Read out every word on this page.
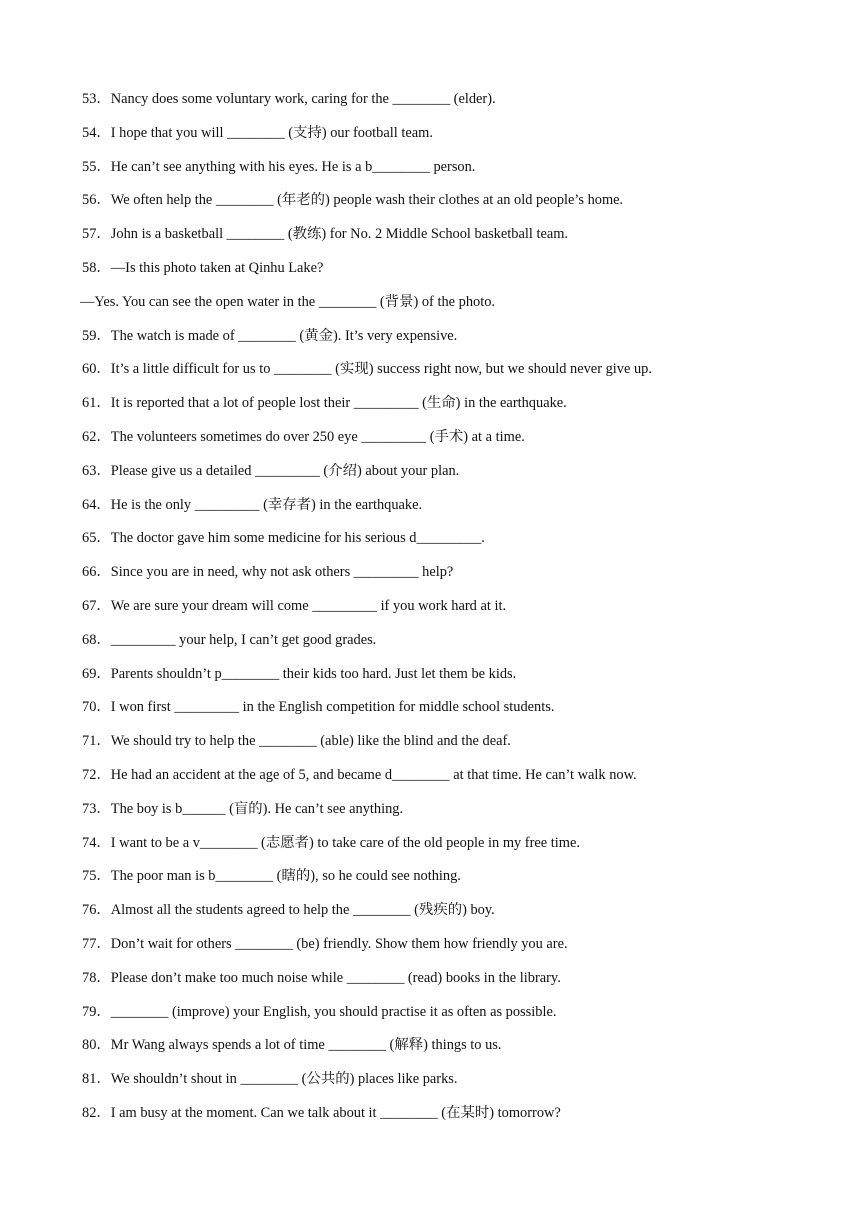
53．Nancy does some voluntary work, caring for the ________ (elder).
54．I hope that you will ________ (支持) our football team.
55．He can’t see anything with his eyes. He is a b________ person.
56．We often help the ________ (年老的) people wash their clothes at an old people’s home.
57．John is a basketball ________ (教练) for No. 2 Middle School basketball team.
58．—Is this photo taken at Qinhu Lake?
—Yes. You can see the open water in the ________ (背景) of the photo.
59．The watch is made of ________ (黄金). It’s very expensive.
60．It’s a little difficult for us to ________ (实现) success right now, but we should never give up.
61．It is reported that a lot of people lost their _________ (生命) in the earthquake.
62．The volunteers sometimes do over 250 eye _________ (手术) at a time.
63．Please give us a detailed _________ (介绍) about your plan.
64．He is the only _________ (幸存者) in the earthquake.
65．The doctor gave him some medicine for his serious d_________.
66．Since you are in need, why not ask others _________ help?
67．We are sure your dream will come _________ if you work hard at it.
68．_________ your help, I can’t get good grades.
69．Parents shouldn’t p________ their kids too hard. Just let them be kids.
70．I won first _________ in the English competition for middle school students.
71．We should try to help the ________ (able) like the blind and the deaf.
72．He had an accident at the age of 5, and became d________ at that time. He can’t walk now.
73．The boy is b______ (盲的). He can’t see anything.
74．I want to be a v________ (志愿者) to take care of the old people in my free time.
75．The poor man is b________ (瞎的), so he could see nothing.
76．Almost all the students agreed to help the ________ (残疾的) boy.
77．Don’t wait for others ________ (be) friendly. Show them how friendly you are.
78．Please don’t make too much noise while ________ (read) books in the library.
79．________ (improve) your English, you should practise it as often as possible.
80．Mr Wang always spends a lot of time ________ (解释) things to us.
81．We shouldn’t shout in ________ (公共的) places like parks.
82．I am busy at the moment. Can we talk about it ________ (在某时) tomorrow?
